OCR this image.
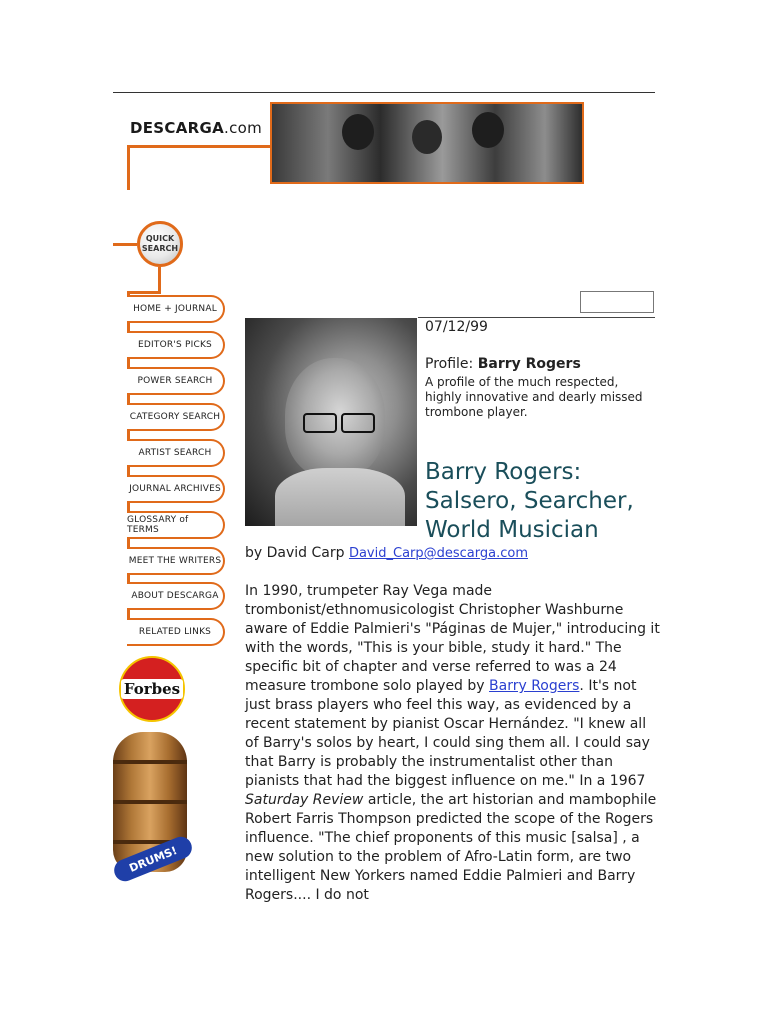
DESCARGA.com
QUICK
SEARCH
HOME + JOURNAL
EDITOR'S PICKS
POWER SEARCH
CATEGORY SEARCH
ARTIST SEARCH
JOURNAL ARCHIVES
GLOSSARY of TERMS
MEET THE WRITERS
ABOUT DESCARGA
RELATED LINKS
Forbes
DRUMS!
07/12/99
Profile: Barry Rogers
A profile of the much respected, highly innovative and dearly missed trombone player.
Barry Rogers:
Salsero, Searcher,
World Musician
by David Carp David_Carp@descarga.com
In 1990, trumpeter Ray Vega made trombonist/ethnomusicologist Christopher Washburne aware of Eddie Palmieri's "Páginas de Mujer," introducing it with the words, "This is your bible, study it hard." The specific bit of chapter and verse referred to was a 24 measure trombone solo played by Barry Rogers. It's not just brass players who feel this way, as evidenced by a recent statement by pianist Oscar Hernández. "I knew all of Barry's solos by heart, I could sing them all. I could say that Barry is probably the instrumentalist other than pianists that had the biggest influence on me." In a 1967 Saturday Review article, the art historian and mambophile Robert Farris Thompson predicted the scope of the Rogers influence. "The chief proponents of this music [salsa] , a new solution to the problem of Afro-Latin form, are two intelligent New Yorkers named Eddie Palmieri and Barry Rogers.... I do not
